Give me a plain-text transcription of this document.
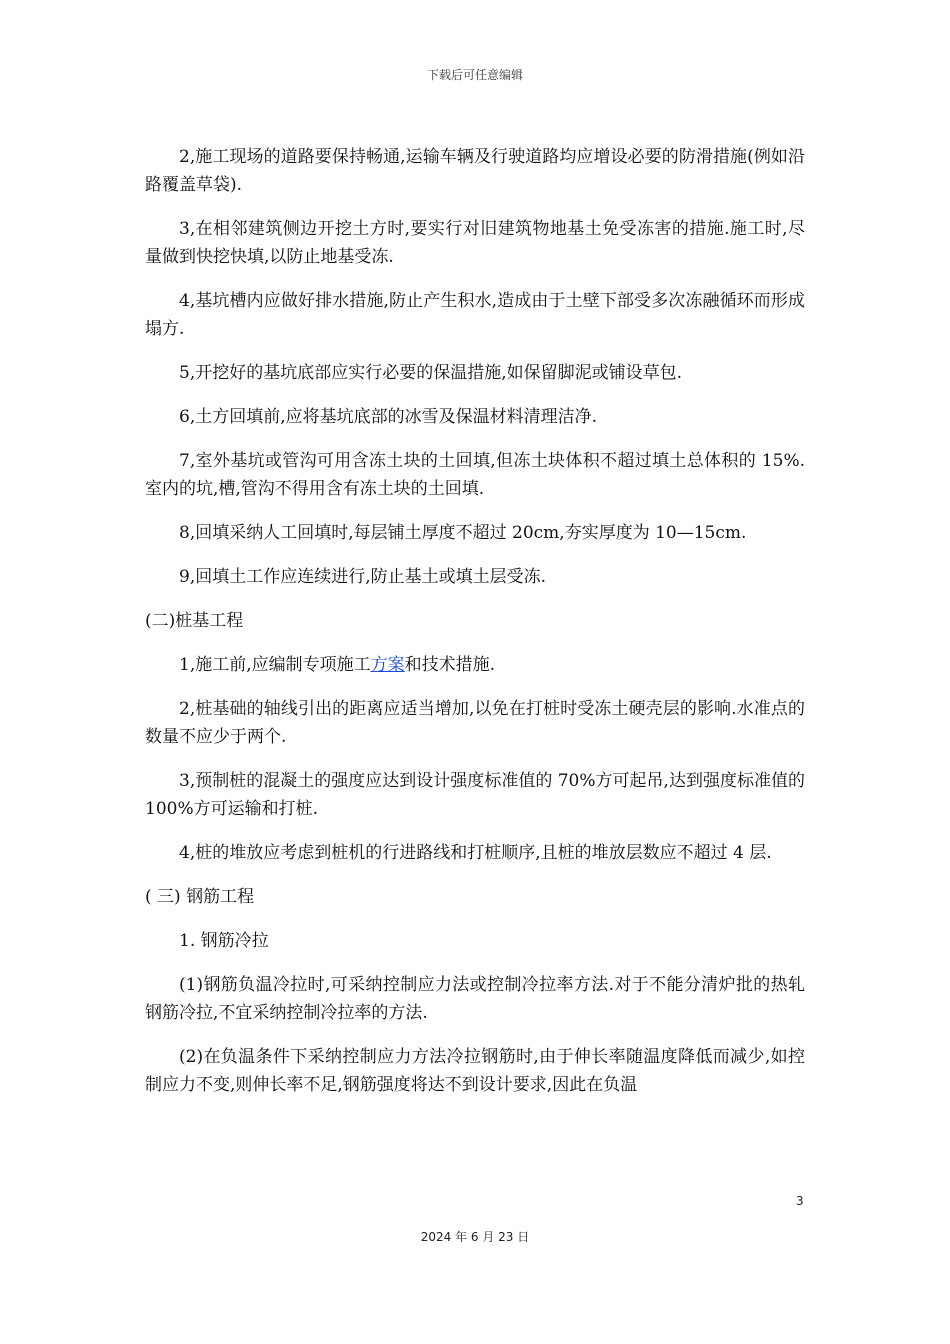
下载后可任意编辑

2,施工现场的道路要保持畅通,运输车辆及行驶道路均应增设必要的防滑措施(例如沿路覆盖草袋).

3,在相邻建筑侧边开挖土方时,要实行对旧建筑物地基土免受冻害的措施.施工时,尽量做到快挖快填,以防止地基受冻.

4,基坑槽内应做好排水措施,防止产生积水,造成由于土壁下部受多次冻融循环而形成塌方.

5,开挖好的基坑底部应实行必要的保温措施,如保留脚泥或铺设草包.

6,土方回填前,应将基坑底部的冰雪及保温材料清理洁净.

7,室外基坑或管沟可用含冻土块的土回填,但冻土块体积不超过填土总体积的 15%.室内的坑,槽,管沟不得用含有冻土块的土回填.

8,回填采纳人工回填时,每层铺土厚度不超过 20cm,夯实厚度为 10—15cm.

9,回填土工作应连续进行,防止基土或填土层受冻.

(二)桩基工程

1,施工前,应编制专项施工方案和技术措施.

2,桩基础的轴线引出的距离应适当增加,以免在打桩时受冻土硬壳层的影响.水准点的数量不应少于两个.

3,预制桩的混凝土的强度应达到设计强度标准值的 70%方可起吊,达到强度标准值的 100%方可运输和打桩.

4,桩的堆放应考虑到桩机的行进路线和打桩顺序,且桩的堆放层数应不超过 4 层.

( 三) 钢筋工程

1. 钢筋冷拉

(1)钢筋负温冷拉时,可采纳控制应力法或控制冷拉率方法.对于不能分清炉批的热轧钢筋冷拉,不宜采纳控制冷拉率的方法.

(2)在负温条件下采纳控制应力方法冷拉钢筋时,由于伸长率随温度降低而减少,如控制应力不变,则伸长率不足,钢筋强度将达不到设计要求,因此在负温

3
2024 年 6 月 23 日
